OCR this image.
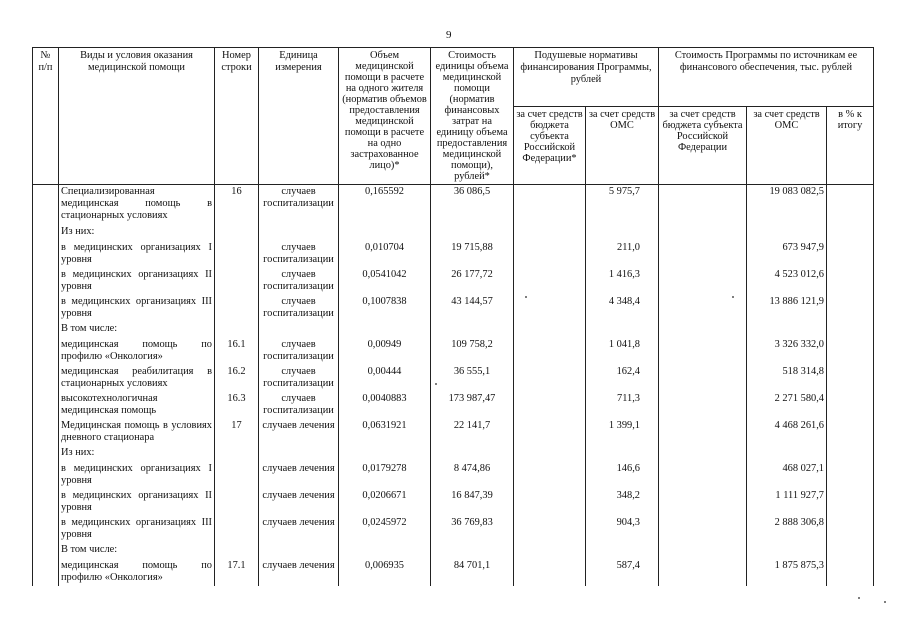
9
№
п/п	Виды и условия оказания медицинской помощи	Номер строки	Единица измерения	Объем медицинской помощи в расчете на одного жителя (норматив объемов предоставления медицинской помощи в расчете на одно застрахованное лицо)*	Стоимость единицы объема медицинской помощи (норматив финансовых затрат на единицу объема предоставления медицинской помощи), рублей*	Подушевые нормативы финансирования Программы, рублей		Стоимость Программы по источникам ее финансового обеспечения, тыс. рублей		
						за счет средств бюджета субъекта Российской Федерации*	за счет средств ОМС	за счет средств бюджета субъекта Российской Федерации	за счет средств ОМС	в % к итогу
	Специализированная медицинская помощь в стационарных условиях	16	случаев госпитализации	0,165592	36 086,5		5 975,7		19 083 082,5	
	Из них:									
	в медицинских организациях I уровня		случаев госпитализации	0,010704	19 715,88		211,0		673 947,9	
	в медицинских организациях II уровня		случаев госпитализации	0,0541042	26 177,72		1 416,3		4 523 012,6	
	в медицинских организациях III уровня		случаев госпитализации	0,1007838	43 144,57		4 348,4		13 886 121,9	
	В том числе:									
	медицинская помощь по профилю «Онкология»	16.1	случаев госпитализации	0,00949	109 758,2		1 041,8		3 326 332,0	
	медицинская реабилитация в стационарных условиях	16.2	случаев госпитализации	0,00444	36 555,1		162,4		518 314,8	
	высокотехнологичная медицинская помощь	16.3	случаев госпитализации	0,0040883	173 987,47		711,3		2 271 580,4	
	Медицинская помощь в условиях дневного стационара	17	случаев лечения	0,0631921	22 141,7		1 399,1		4 468 261,6	
	Из них:									
	в медицинских организациях I уровня		случаев лечения	0,0179278	8 474,86		146,6		468 027,1	
	в медицинских организациях II уровня		случаев лечения	0,0206671	16 847,39		348,2		1 111 927,7	
	в медицинских организациях III уровня		случаев лечения	0,0245972	36 769,83		904,3		2 888 306,8	
	В том числе:									
	медицинская помощь по профилю «Онкология»	17.1	случаев лечения	0,006935	84 701,1		587,4		1 875 875,3	
